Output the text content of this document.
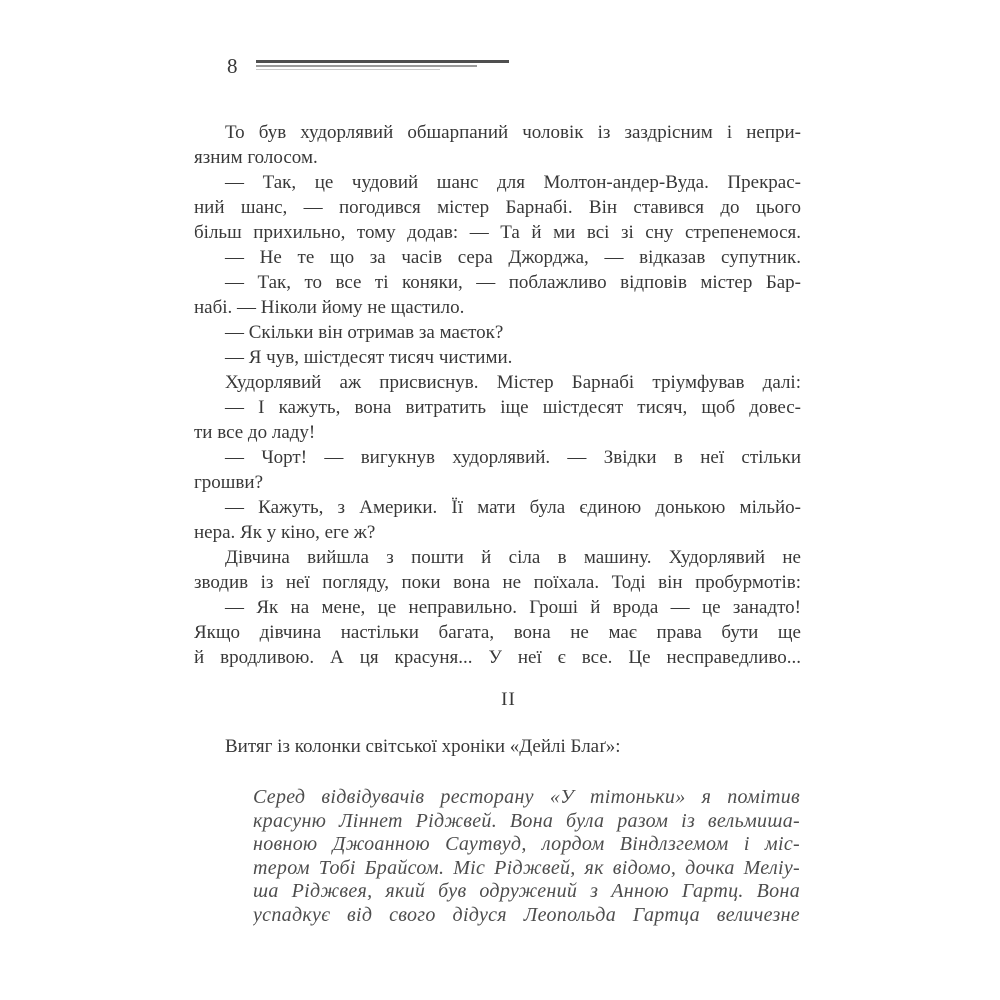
8
То був худорлявий обшарпаний чоловік із заздрісним і непри-
язним голосом.
— Так, це чудовий шанс для Молтон-андер-Вуда. Прекрас-
ний шанс, — погодився містер Барнабі. Він ставився до цього
більш прихильно, тому додав: — Та й ми всі зі сну стрепенемося.
— Не те що за часів сера Джорджа, — відказав супутник.
— Так, то все ті коняки, — поблажливо відповів містер Бар-
набі. — Ніколи йому не щастило.
— Скільки він отримав за маєток?
— Я чув, шістдесят тисяч чистими.
Худорлявий аж присвиснув. Містер Барнабі тріумфував далі:
— І кажуть, вона витратить іще шістдесят тисяч, щоб довес-
ти все до ладу!
— Чорт! — вигукнув худорлявий. — Звідки в неї стільки
грошви?
— Кажуть, з Америки. Її мати була єдиною донькою мільйо-
нера. Як у кіно, еге ж?
Дівчина вийшла з пошти й сіла в машину. Худорлявий не
зводив із неї погляду, поки вона не поїхала. Тоді він пробурмотів:
— Як на мене, це неправильно. Гроші й врода — це занадто!
Якщо дівчина настільки багата, вона не має права бути ще
й вродливою. А ця красуня... У неї є все. Це несправедливо...
II
Витяг із колонки світської хроніки «Дейлі Блаґ»:
Серед відвідувачів ресторану «У тітоньки» я помітив
красуню Ліннет Ріджвей. Вона була разом із вельмиша-
новною Джоанною Саутвуд, лордом Віндлзгемом і міс-
тером Тобі Брайсом. Міс Ріджвей, як відомо, дочка Меліу-
ша Ріджвея, який був одружений з Анною Гартц. Вона
успадкує від свого дідуся Леопольда Гартца величезне
